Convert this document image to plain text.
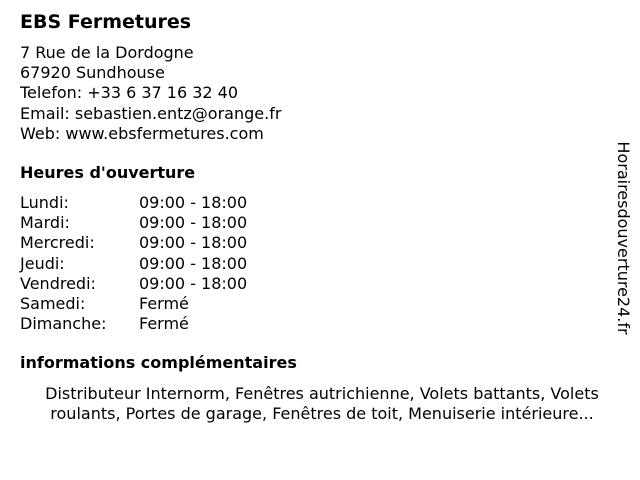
EBS Fermetures
7 Rue de la Dordogne
67920 Sundhouse
Telefon: +33 6 37 16 32 40
Email: sebastien.entz@orange.fr
Web: www.ebsfermetures.com
Heures d'ouverture
Lundi:	09:00 - 18:00
Mardi:	09:00 - 18:00
Mercredi:	09:00 - 18:00
Jeudi:	09:00 - 18:00
Vendredi:	09:00 - 18:00
Samedi:	Fermé
Dimanche: Fermé
informations complémentaires
Distributeur Internorm, Fenêtres autrichienne, Volets battants, Volets roulants, Portes de garage, Fenêtres de toit, Menuiserie intérieure...
Horairesdouverture24.fr
